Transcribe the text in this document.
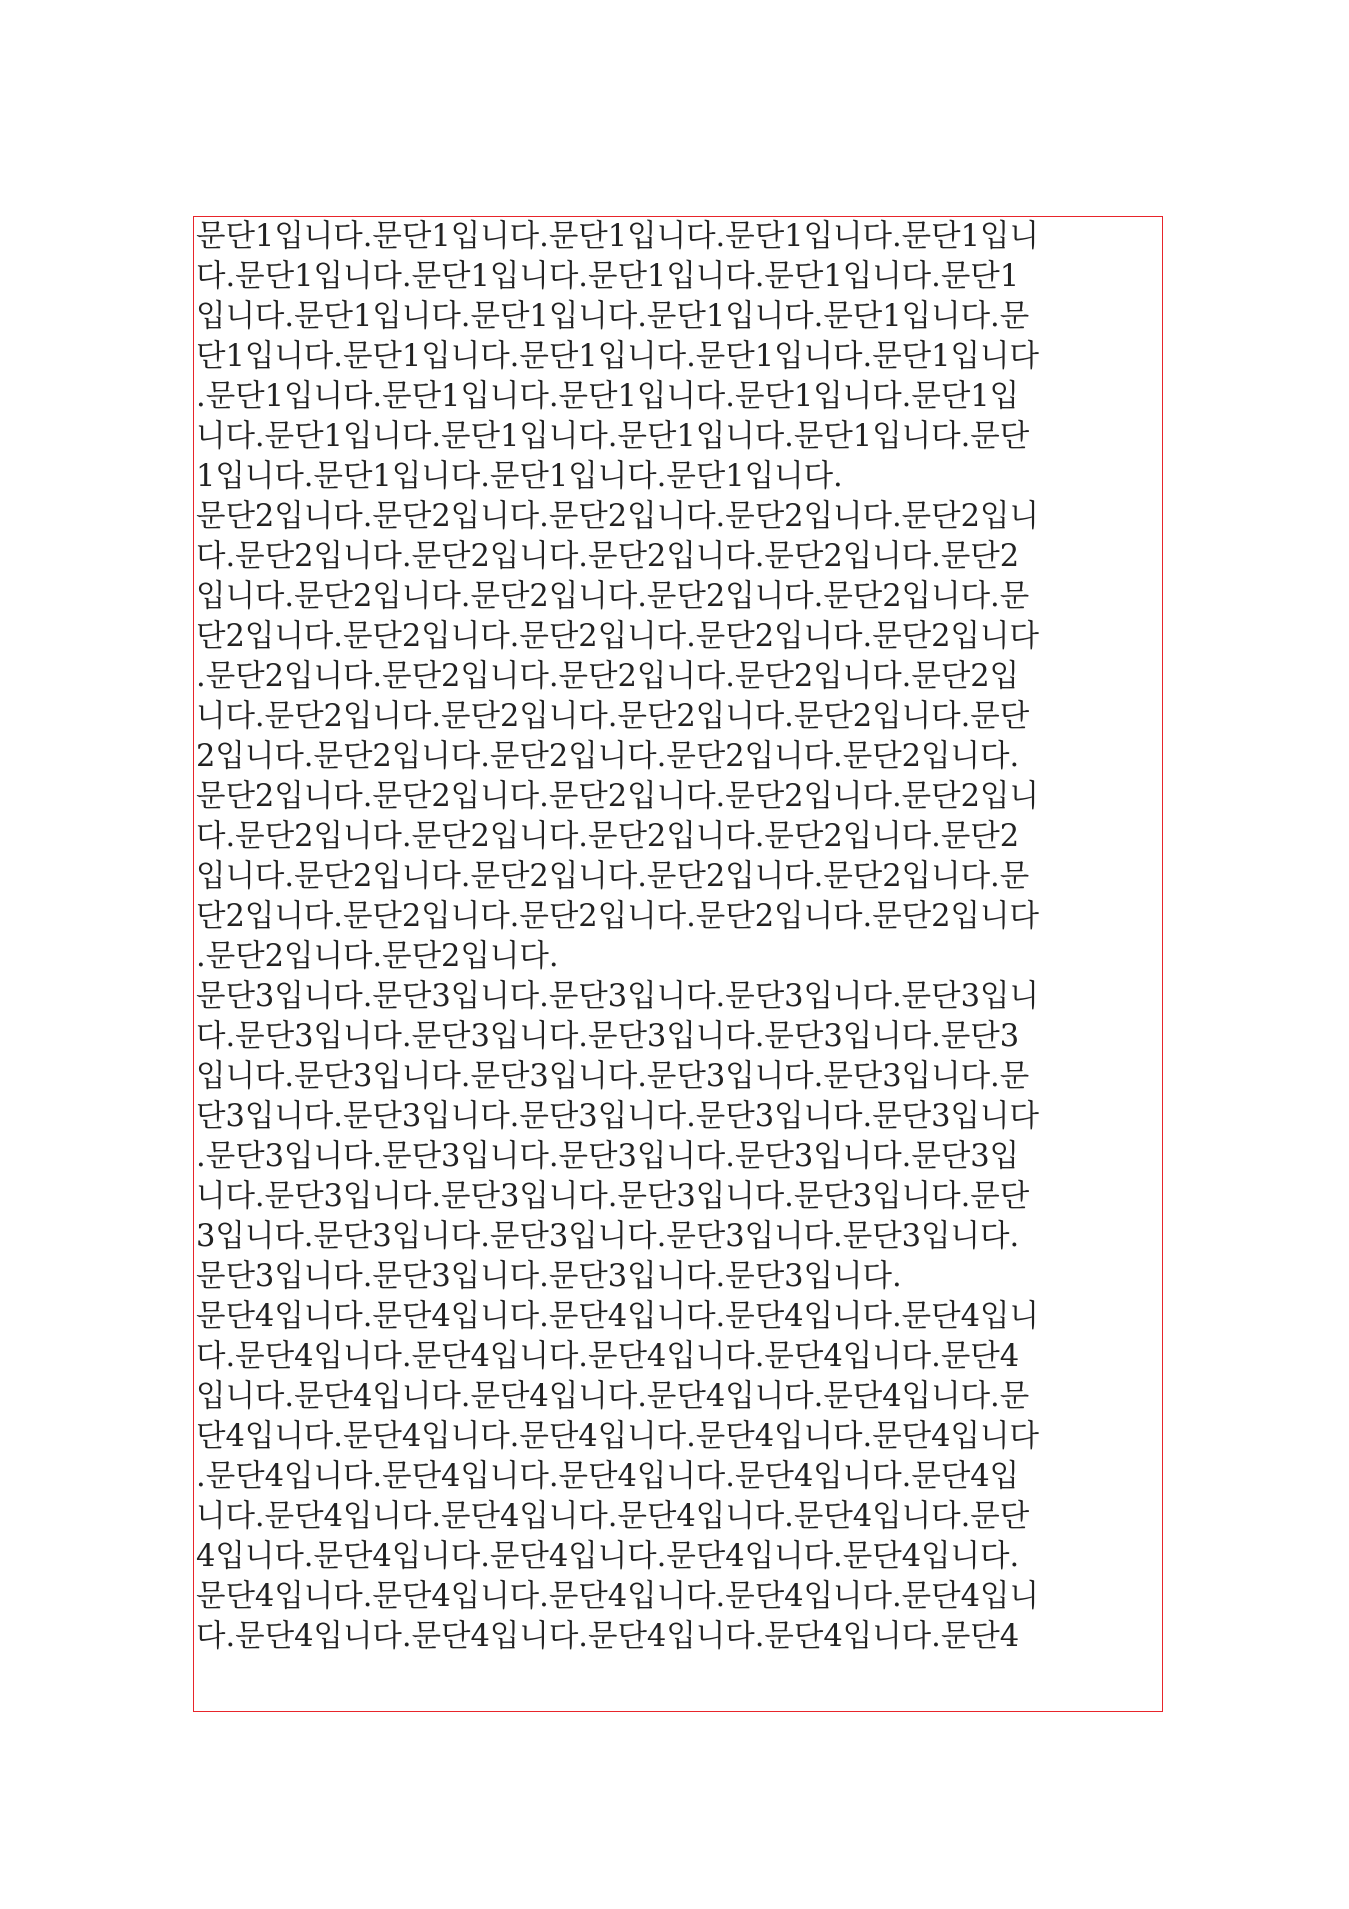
문단1입니다.문단1입니다.문단1입니다.문단1입니다.문단1입니
다.문단1입니다.문단1입니다.문단1입니다.문단1입니다.문단1
입니다.문단1입니다.문단1입니다.문단1입니다.문단1입니다.문
단1입니다.문단1입니다.문단1입니다.문단1입니다.문단1입니다
.문단1입니다.문단1입니다.문단1입니다.문단1입니다.문단1입
니다.문단1입니다.문단1입니다.문단1입니다.문단1입니다.문단
1입니다.문단1입니다.문단1입니다.문단1입니다.
문단2입니다.문단2입니다.문단2입니다.문단2입니다.문단2입니
다.문단2입니다.문단2입니다.문단2입니다.문단2입니다.문단2
입니다.문단2입니다.문단2입니다.문단2입니다.문단2입니다.문
단2입니다.문단2입니다.문단2입니다.문단2입니다.문단2입니다
.문단2입니다.문단2입니다.문단2입니다.문단2입니다.문단2입
니다.문단2입니다.문단2입니다.문단2입니다.문단2입니다.문단
2입니다.문단2입니다.문단2입니다.문단2입니다.문단2입니다.
문단2입니다.문단2입니다.문단2입니다.문단2입니다.문단2입니
다.문단2입니다.문단2입니다.문단2입니다.문단2입니다.문단2
입니다.문단2입니다.문단2입니다.문단2입니다.문단2입니다.문
단2입니다.문단2입니다.문단2입니다.문단2입니다.문단2입니다
.문단2입니다.문단2입니다.
문단3입니다.문단3입니다.문단3입니다.문단3입니다.문단3입니
다.문단3입니다.문단3입니다.문단3입니다.문단3입니다.문단3
입니다.문단3입니다.문단3입니다.문단3입니다.문단3입니다.문
단3입니다.문단3입니다.문단3입니다.문단3입니다.문단3입니다
.문단3입니다.문단3입니다.문단3입니다.문단3입니다.문단3입
니다.문단3입니다.문단3입니다.문단3입니다.문단3입니다.문단
3입니다.문단3입니다.문단3입니다.문단3입니다.문단3입니다.
문단3입니다.문단3입니다.문단3입니다.문단3입니다.
문단4입니다.문단4입니다.문단4입니다.문단4입니다.문단4입니
다.문단4입니다.문단4입니다.문단4입니다.문단4입니다.문단4
입니다.문단4입니다.문단4입니다.문단4입니다.문단4입니다.문
단4입니다.문단4입니다.문단4입니다.문단4입니다.문단4입니다
.문단4입니다.문단4입니다.문단4입니다.문단4입니다.문단4입
니다.문단4입니다.문단4입니다.문단4입니다.문단4입니다.문단
4입니다.문단4입니다.문단4입니다.문단4입니다.문단4입니다.
문단4입니다.문단4입니다.문단4입니다.문단4입니다.문단4입니
다.문단4입니다.문단4입니다.문단4입니다.문단4입니다.문단4
